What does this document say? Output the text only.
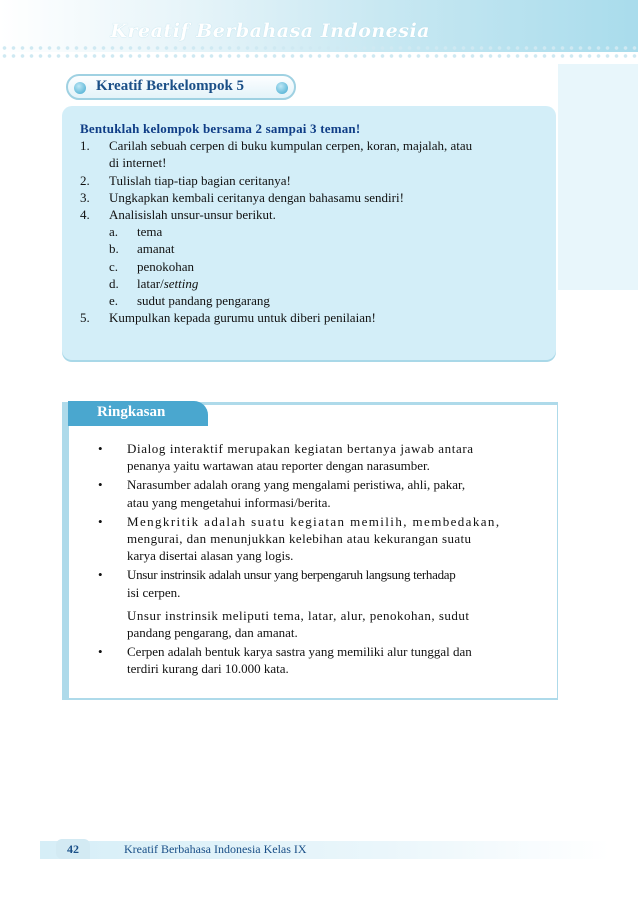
Kreatif Berbahasa Indonesia
Kreatif Berkelompok 5
Bentuklah kelompok bersama 2 sampai 3 teman!
1. Carilah sebuah cerpen di buku kumpulan cerpen, koran, majalah, atau
di internet!
2. Tulislah tiap-tiap bagian ceritanya!
3. Ungkapkan kembali ceritanya dengan bahasamu sendiri!
4. Analisislah unsur-unsur berikut.
a. tema
b. amanat
c. penokohan
d. latar/setting
e. sudut pandang pengarang
5. Kumpulkan kepada gurumu untuk diberi penilaian!
Ringkasan
• Dialog interaktif merupakan kegiatan bertanya jawab antara
penanya yaitu wartawan atau reporter dengan narasumber.
• Narasumber adalah orang yang mengalami peristiwa, ahli, pakar,
atau yang mengetahui informasi/berita.
• Mengkritik adalah suatu kegiatan memilih, membedakan,
mengurai, dan menunjukkan kelebihan atau kekurangan suatu
karya disertai alasan yang logis.
• Unsur instrinsik adalah unsur yang berpengaruh langsung terhadap
isi cerpen.
Unsur instrinsik meliputi tema, latar, alur, penokohan, sudut
pandang pengarang, dan amanat.
• Cerpen adalah bentuk karya sastra yang memiliki alur tunggal dan
terdiri kurang dari 10.000 kata.
42	Kreatif Berbahasa Indonesia Kelas IX
